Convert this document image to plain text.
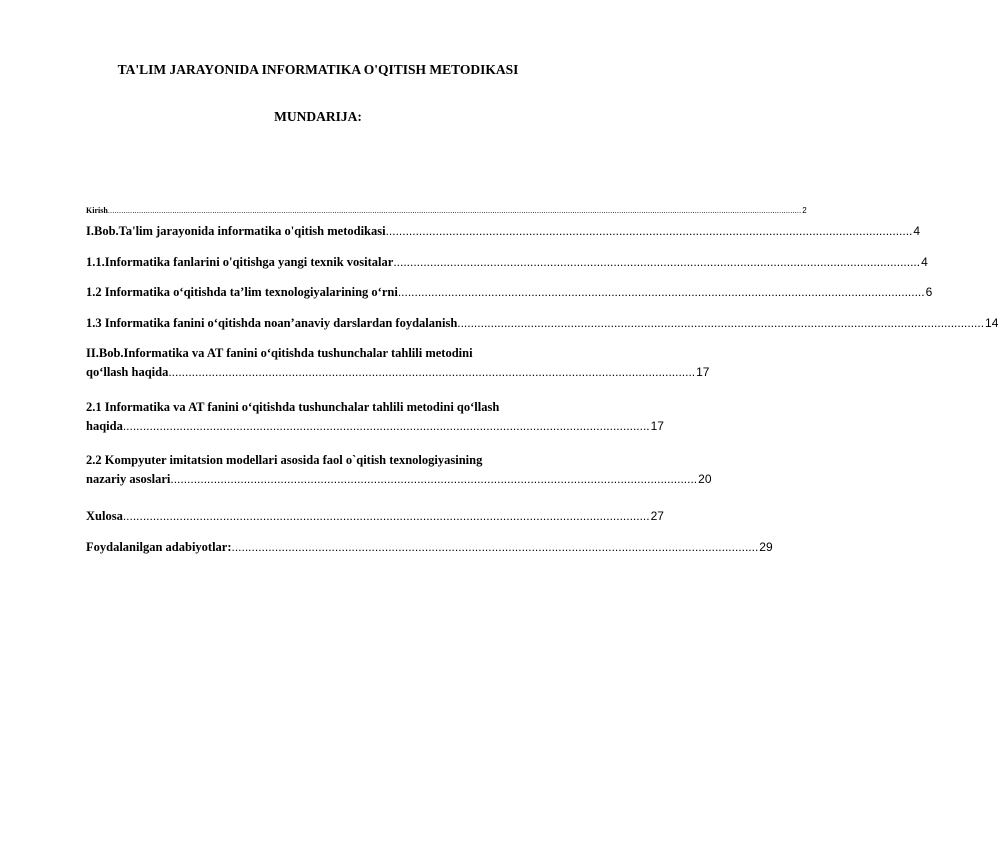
TA'LIM JARAYONIDA INFORMATIKA O'QITISH METODIKASI
MUNDARIJA:
Kirish ........................................................................................................................................................................................................................................................................................................................ 2
I.Bob.Ta'lim jarayonida informatika o'qitish metodikasi .............................................................................................................................................................. 4
1.1.Informatika fanlarini o'qitishga yangi texnik vositalar .............................................................................................................................................................. 4
1.2 Informatika o‘qitishda ta’lim texnologiyalarining o‘rni .............................................................................................................................................................. 6
1.3 Informatika fanini o‘qitishda noan’anaviy darslardan foydalanish .............................................................................................................................................................. 14
II.Bob.Informatika va AT fanini o‘qitishda tushunchalar tahlili metodini
qo‘llash haqida .............................................................................................................................................................. 17
2.1 Informatika va AT fanini o‘qitishda tushunchalar tahlili metodini qo‘llash
haqida .............................................................................................................................................................. 17
2.2 Kompyuter imitatsion modellari asosida faol o`qitish texnologiyasining
nazariy asoslari .............................................................................................................................................................. 20
Xulosa .............................................................................................................................................................. 27
Foydalanilgan adabiyotlar: .............................................................................................................................................................. 29
